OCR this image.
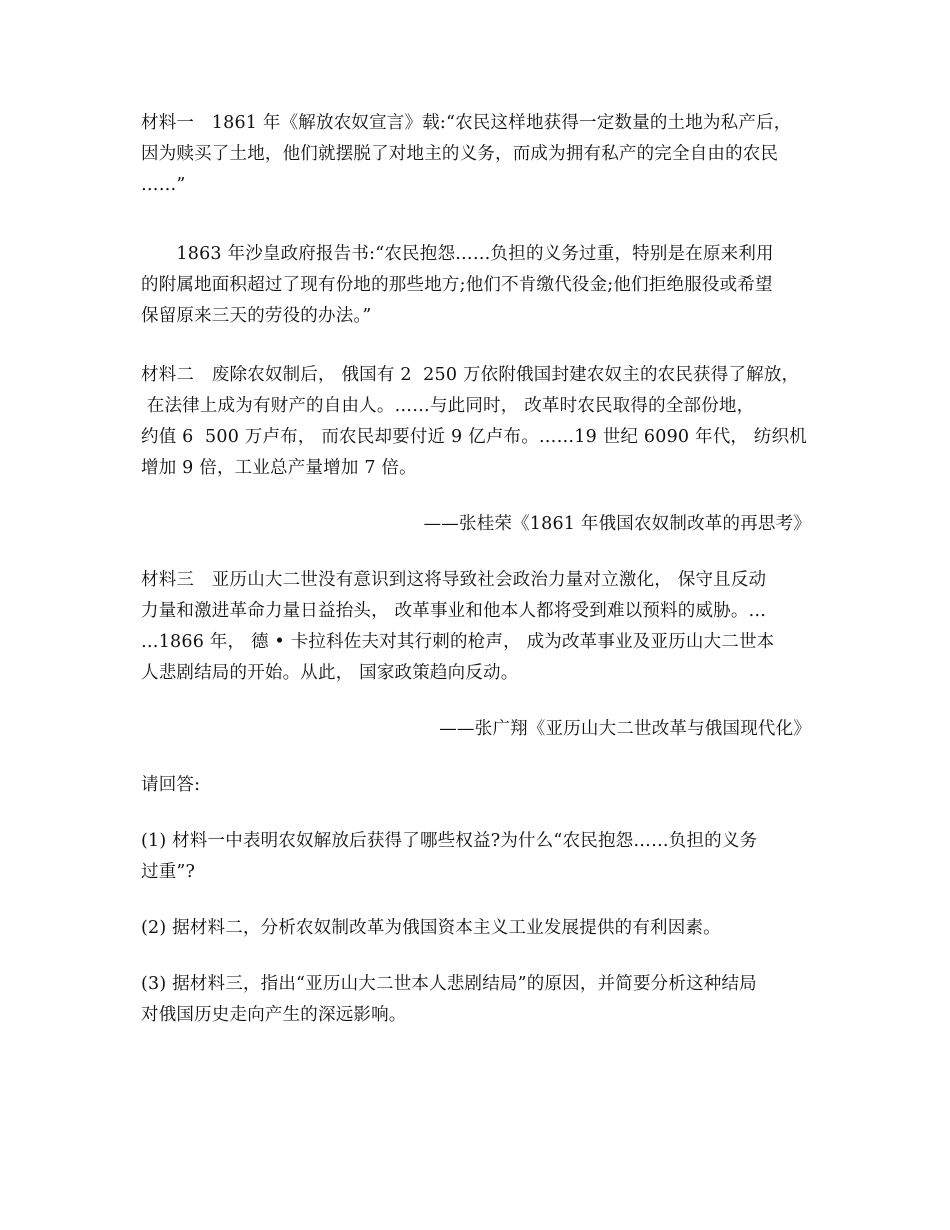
材料一　1861 年《解放农奴宣言》载:“农民这样地获得一定数量的土地为私产后，
因为赎买了土地，他们就摆脱了对地主的义务，而成为拥有私产的完全自由的农民
……”
　　1863 年沙皇政府报告书:“农民抱怨……负担的义务过重，特别是在原来利用
的附属地面积超过了现有份地的那些地方;他们不肯缴代役金;他们拒绝服役或希望
保留原来三天的劳役的办法。”
材料二　废除农奴制后， 俄国有 2  250 万依附俄国封建农奴主的农民获得了解放，
在法律上成为有财产的自由人。……与此同时， 改革时农民取得的全部份地，
约值 6  500 万卢布， 而农民却要付近 9 亿卢布。……19 世纪 6090 年代， 纺织机
增加 9 倍，工业总产量增加 7 倍。
——张桂荣《1861 年俄国农奴制改革的再思考》
材料三　亚历山大二世没有意识到这将导致社会政治力量对立激化， 保守且反动
力量和激进革命力量日益抬头， 改革事业和他本人都将受到难以预料的威胁。…
…1866 年， 德 • 卡拉科佐夫对其行刺的枪声， 成为改革事业及亚历山大二世本
人悲剧结局的开始。从此， 国家政策趋向反动。
——张广翔《亚历山大二世改革与俄国现代化》
请回答:
(1) 材料一中表明农奴解放后获得了哪些权益?为什么“农民抱怨……负担的义务
过重”?
(2) 据材料二，分析农奴制改革为俄国资本主义工业发展提供的有利因素。
(3) 据材料三，指出“亚历山大二世本人悲剧结局”的原因，并简要分析这种结局
对俄国历史走向产生的深远影响。
